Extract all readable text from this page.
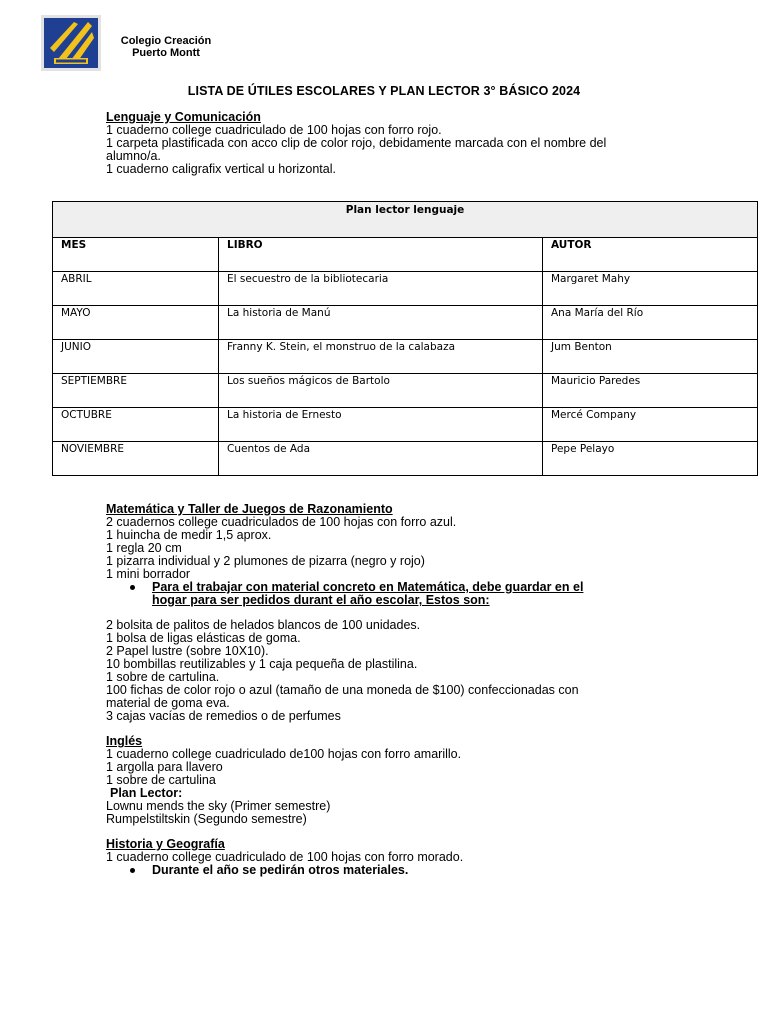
Colegio Creación
Puerto Montt
LISTA DE ÚTILES ESCOLARES Y PLAN LECTOR 3° BÁSICO 2024
Lenguaje y Comunicación
1 cuaderno college cuadriculado de 100 hojas con forro rojo.
1 carpeta plastificada con acco clip de color rojo, debidamente marcada con el nombre del
alumno/a.
1 cuaderno caligrafix vertical u horizontal.
Plan lector lenguaje		
MES	LIBRO	AUTOR
ABRIL	El secuestro de la bibliotecaria	Margaret Mahy
MAYO	La historia de Manú	Ana María del Río
JUNIO	Franny K. Stein, el monstruo de la calabaza	Jum Benton
SEPTIEMBRE	Los sueños mágicos de Bartolo	Mauricio Paredes
OCTUBRE	La historia de Ernesto	Mercé Company
NOVIEMBRE	Cuentos de Ada	Pepe Pelayo
Matemática y Taller de Juegos de Razonamiento
2 cuadernos college cuadriculados de 100 hojas con forro azul.
1 huincha de medir 1,5 aprox.
1 regla 20 cm
1 pizarra individual y 2 plumones de pizarra (negro y rojo)
1 mini borrador
Para el trabajar con material concreto en Matemática, debe guardar en el
hogar para ser pedidos durant el año escolar, Estos son:
2 bolsita de palitos de helados blancos de 100 unidades.
1 bolsa de ligas elásticas de goma.
2 Papel lustre (sobre 10X10).
10 bombillas reutilizables y 1 caja pequeña de plastilina.
1 sobre de cartulina.
100 fichas de color rojo o azul (tamaño de una moneda de $100) confeccionadas con
material de goma eva.
3 cajas vacías de remedios o de perfumes
Inglés
1 cuaderno college cuadriculado de100 hojas con forro amarillo.
1 argolla para llavero
1 sobre de cartulina
Plan Lector:
Lownu mends the sky (Primer semestre)
Rumpelstiltskin (Segundo semestre)
Historia y Geografía
1 cuaderno college cuadriculado de 100 hojas con forro morado.
Durante el año se pedirán otros materiales.
